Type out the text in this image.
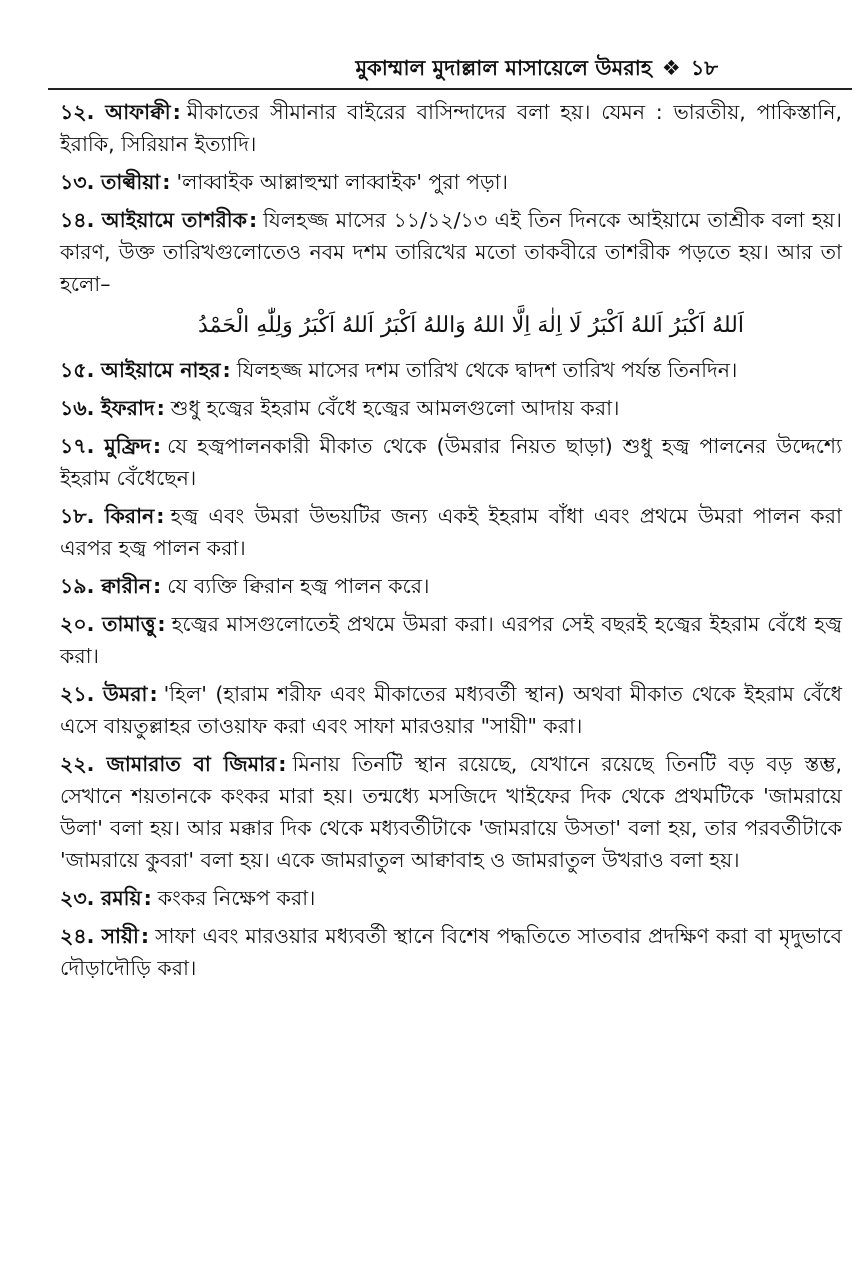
মুকাম্মাল মুদাল্লাল মাসায়েলে উমরাহ ❖ ১৮
১২. আফাক্বী: মীকাতের সীমানার বাইরের বাসিন্দাদের বলা হয়। যেমন : ভারতীয়, পাকিস্তানি, ইরাকি, সিরিয়ান ইত্যাদি।
১৩. তাল্বীয়া: 'লাব্বাইক আল্লাহুম্মা লাব্বাইক' পুরা পড়া।
১৪. আইয়ামে তাশরীক: যিলহজ্জ মাসের ১১/১২/১৩ এই তিন দিনকে আইয়ামে তাশ্রীক বলা হয়। কারণ, উক্ত তারিখগুলোতেও নবম দশম তারিখের মতো তাকবীরে তাশরীক পড়তে হয়। আর তা হলো–
اَللهُ اَكْبَرُ اَللهُ اَكْبَرُ لَا اِلٰهَ اِلَّا اللهُ وَاللهُ اَكْبَرُ اَللهُ اَكْبَرُ وَلِلّٰهِ الْحَمْدُ
১৫. আইয়ামে নাহর: যিলহজ্জ মাসের দশম তারিখ থেকে দ্বাদশ তারিখ পর্যন্ত তিনদিন।
১৬. ইফরাদ: শুধু হজ্বের ইহরাম বেঁধে হজ্বের আমলগুলো আদায় করা।
১৭. মুফ্রিদ: যে হজ্বপালনকারী মীকাত থেকে (উমরার নিয়ত ছাড়া) শুধু হজ্ব পালনের উদ্দেশ্যে ইহরাম বেঁধেছেন।
১৮. কিরান: হজ্ব এবং উমরা উভয়টির জন্য একই ইহরাম বাঁধা এবং প্রথমে উমরা পালন করা এরপর হজ্ব পালন করা।
১৯. ক্বারীন: যে ব্যক্তি ক্বিরান হজ্ব পালন করে।
২০. তামাত্তু: হজ্বের মাসগুলোতেই প্রথমে উমরা করা। এরপর সেই বছরই হজ্বের ইহরাম বেঁধে হজ্ব করা।
২১. উমরা: 'হিল' (হারাম শরীফ এবং মীকাতের মধ্যবর্তী স্থান) অথবা মীকাত থেকে ইহরাম বেঁধে এসে বায়তুল্লাহর তাওয়াফ করা এবং সাফা মারওয়ার "সায়ী" করা।
২২. জামারাত বা জিমার: মিনায় তিনটি স্থান রয়েছে, যেখানে রয়েছে তিনটি বড় বড় স্তম্ভ, সেখানে শয়তানকে কংকর মারা হয়। তন্মধ্যে মসজিদে খাইফের দিক থেকে প্রথমটিকে 'জামরায়ে উলা' বলা হয়। আর মক্কার দিক থেকে মধ্যবর্তীটাকে 'জামরায়ে উসতা' বলা হয়, তার পরবর্তীটাকে 'জামরায়ে কুবরা' বলা হয়। একে জামরাতুল আক্বাবাহ ও জামরাতুল উখরাও বলা হয়।
২৩. রময়ি: কংকর নিক্ষেপ করা।
২৪. সায়ী: সাফা এবং মারওয়ার মধ্যবর্তী স্থানে বিশেষ পদ্ধতিতে সাতবার প্রদক্ষিণ করা বা মৃদুভাবে দৌড়াদৌড়ি করা।
